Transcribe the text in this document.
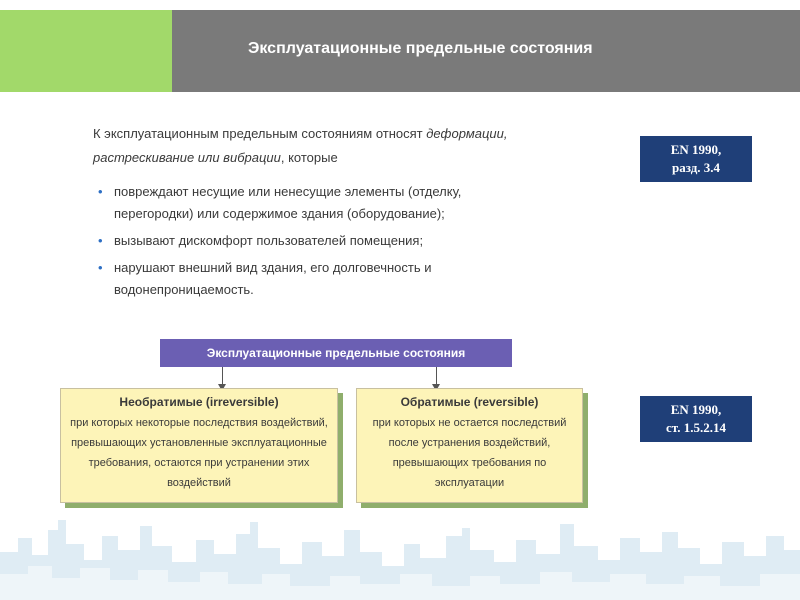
Эксплуатационные предельные состояния
К эксплуатационным предельным состояниям относят деформации,
растрескивание или вибрации, которые
EN 1990,
разд. 3.4
• повреждают несущие или ненесущие элементы (отделку, перегородки) или содержимое здания (оборудование);
• вызывают дискомфорт пользователей помещения;
• нарушают внешний вид здания, его долговечность и водонепроницаемость.
Эксплуатационные предельные состояния
Необратимые (irreversible)
при которых некоторые последствия воздействий, превышающих установленные эксплуатационные требования, остаются при устранении этих воздействий
Обратимые (reversible)
при которых не остается последствий после устранения воздействий, превышающих требования по эксплуатации
EN 1990,
ст. 1.5.2.14
